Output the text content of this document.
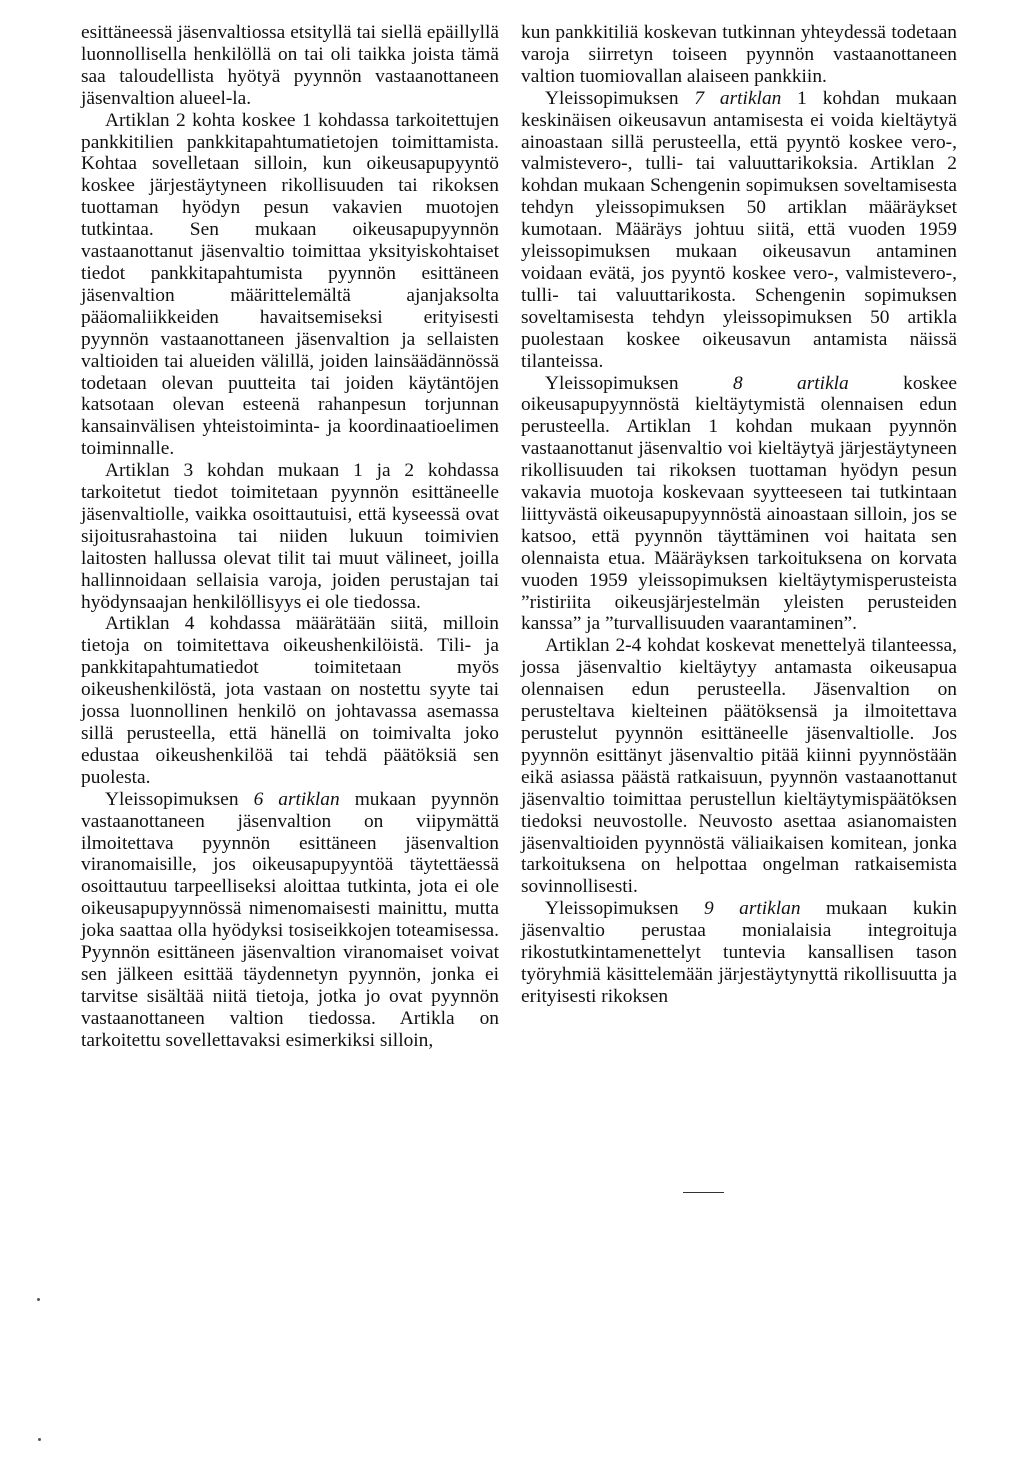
esittäneessä jäsenvaltiossa etsityllä tai siellä epäillyllä luonnollisella henkilöllä on tai oli taikka joista tämä saa taloudellista hyötyä pyynnön vastaanottaneen jäsenvaltion alueel-la.

Artiklan 2 kohta koskee 1 kohdassa tarkoitettujen pankkitilien pankkitapahtumatietojen toimittamista. Kohtaa sovelletaan silloin, kun oikeusapupyyntö koskee järjestäytyneen rikollisuuden tai rikoksen tuottaman hyödyn pesun vakavien muotojen tutkintaa. Sen mukaan oikeusapupyynnön vastaanottanut jäsenvaltio toimittaa yksityiskohtaiset tiedot pankkitapahtumista pyynnön esittäneen jäsenvaltion määrittelemältä ajanjaksolta pääomaliikkeiden havaitsemiseksi erityisesti pyynnön vastaanottaneen jäsenvaltion ja sellaisten valtioiden tai alueiden välillä, joiden lainsäädännössä todetaan olevan puutteita tai joiden käytäntöjen katsotaan olevan esteenä rahanpesun torjunnan kansainvälisen yhteistoiminta- ja koordinaatioelimen toiminnalle.

Artiklan 3 kohdan mukaan 1 ja 2 kohdassa tarkoitetut tiedot toimitetaan pyynnön esittäneelle jäsenvaltiolle, vaikka osoittautuisi, että kyseessä ovat sijoitusrahastoina tai niiden lukuun toimivien laitosten hallussa olevat tilit tai muut välineet, joilla hallinnoidaan sellaisia varoja, joiden perustajan tai hyödynsaajan henkilöllisyys ei ole tiedossa.

Artiklan 4 kohdassa määrätään siitä, milloin tietoja on toimitettava oikeushenkilöistä. Tili- ja pankkitapahtumatiedot toimitetaan myös oikeushenkilöstä, jota vastaan on nostettu syyte tai jossa luonnollinen henkilö on johtavassa asemassa sillä perusteella, että hänellä on toimivalta joko edustaa oikeushenkilöä tai tehdä päätöksiä sen puolesta.

Yleissopimuksen 6 artiklan mukaan pyynnön vastaanottaneen jäsenvaltion on viipymättä ilmoitettava pyynnön esittäneen jäsenvaltion viranomaisille, jos oikeusapupyyntöä täytettäessä osoittautuu tarpeelliseksi aloittaa tutkinta, jota ei ole oikeusapupyynnössä nimenomaisesti mainittu, mutta joka saattaa olla hyödyksi tosiseikkojen toteamisessa. Pyynnön esittäneen jäsenvaltion viranomaiset voivat sen jälkeen esittää täydennetyn pyynnön, jonka ei tarvitse sisältää niitä tietoja, jotka jo ovat pyynnön vastaanottaneen valtion tiedossa. Artikla on tarkoitettu sovellettavaksi esimerkiksi silloin,

kun pankkitiliä koskevan tutkinnan yhteydessä todetaan varoja siirretyn toiseen pyynnön vastaanottaneen valtion tuomiovallan alaiseen pankkiin.

Yleissopimuksen 7 artiklan 1 kohdan mukaan keskinäisen oikeusavun antamisesta ei voida kieltäytyä ainoastaan sillä perusteella, että pyyntö koskee vero-, valmistevero-, tulli- tai valuuttarikoksia. Artiklan 2 kohdan mukaan Schengenin sopimuksen soveltamisesta tehdyn yleissopimuksen 50 artiklan määräykset kumotaan. Määräys johtuu siitä, että vuoden 1959 yleissopimuksen mukaan oikeusavun antaminen voidaan evätä, jos pyyntö koskee vero-, valmistevero-, tulli- tai valuuttarikosta. Schengenin sopimuksen soveltamisesta tehdyn yleissopimuksen 50 artikla puolestaan koskee oikeusavun antamista näissä tilanteissa.

Yleissopimuksen 8 artikla koskee oikeusapupyynnöstä kieltäytymistä olennaisen edun perusteella. Artiklan 1 kohdan mukaan pyynnön vastaanottanut jäsenvaltio voi kieltäytyä järjestäytyneen rikollisuuden tai rikoksen tuottaman hyödyn pesun vakavia muotoja koskevaan syytteeseen tai tutkintaan liittyvästä oikeusapupyynnöstä ainoastaan silloin, jos se katsoo, että pyynnön täyttäminen voi haitata sen olennaista etua. Määräyksen tarkoituksena on korvata vuoden 1959 yleissopimuksen kieltäytymisperusteista ”ristiriita oikeusjärjestelmän yleisten perusteiden kanssa” ja ”turvallisuuden vaarantaminen”.

Artiklan 2-4 kohdat koskevat menettelyä tilanteessa, jossa jäsenvaltio kieltäytyy antamasta oikeusapua olennaisen edun perusteella. Jäsenvaltion on perusteltava kielteinen päätöksensä ja ilmoitettava perustelut pyynnön esittäneelle jäsenvaltiolle. Jos pyynnön esittänyt jäsenvaltio pitää kiinni pyynnöstään eikä asiassa päästä ratkaisuun, pyynnön vastaanottanut jäsenvaltio toimittaa perustellun kieltäytymispäätöksen tiedoksi neuvostolle. Neuvosto asettaa asianomaisten jäsenvaltioiden pyynnöstä väliaikaisen komitean, jonka tarkoituksena on helpottaa ongelman ratkaisemista sovinnollisesti.

Yleissopimuksen 9 artiklan mukaan kukin jäsenvaltio perustaa monialaisia integroituja rikostutkintamenettelyt tuntevia kansallisen tason työryhmiä käsittelemään järjestäytynyttä rikollisuutta ja erityisesti rikoksen
